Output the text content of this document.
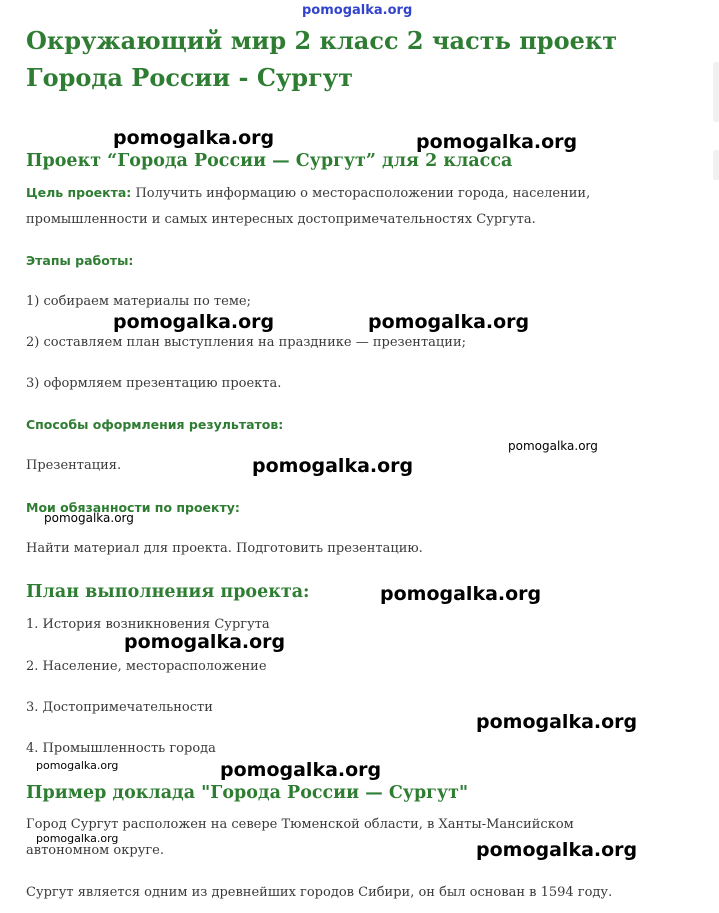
pomogalka.org
Окружающий мир 2 класс 2 часть проект Города России - Сургут
Проект “Города России — Сургут” для 2 класса

Цель проекта: Получить информацию о месторасположении города, населении, промышленности и самых интересных достопримечательностях Сургута.

Этапы работы:
1) собираем материалы по теме;
2) составляем план выступления на празднике — презентации;
3) оформляем презентацию проекта.
Способы оформления результатов:
Презентация.
Мои обязанности по проекту:
Найти материал для проекта. Подготовить презентацию.
План выполнения проекта:
1. История возникновения Сургута
2. Население, месторасположение
3. Достопримечательности
4. Промышленность города
Пример доклада "Города России — Сургут"
Город Сургут расположен на севере Тюменской области, в Ханты-Мансийском автономном округе.
Сургут является одним из древнейших городов Сибири, он был основан в 1594 году.
pomogalka.org	pomogalka.org
pomogalka.org	pomogalka.org
pomogalka.org
pomogalka.org
pomogalka.org
pomogalka.org
pomogalka.org
pomogalka.org
pomogalka.org	pomogalka.org
pomogalka.org
pomogalka.org
